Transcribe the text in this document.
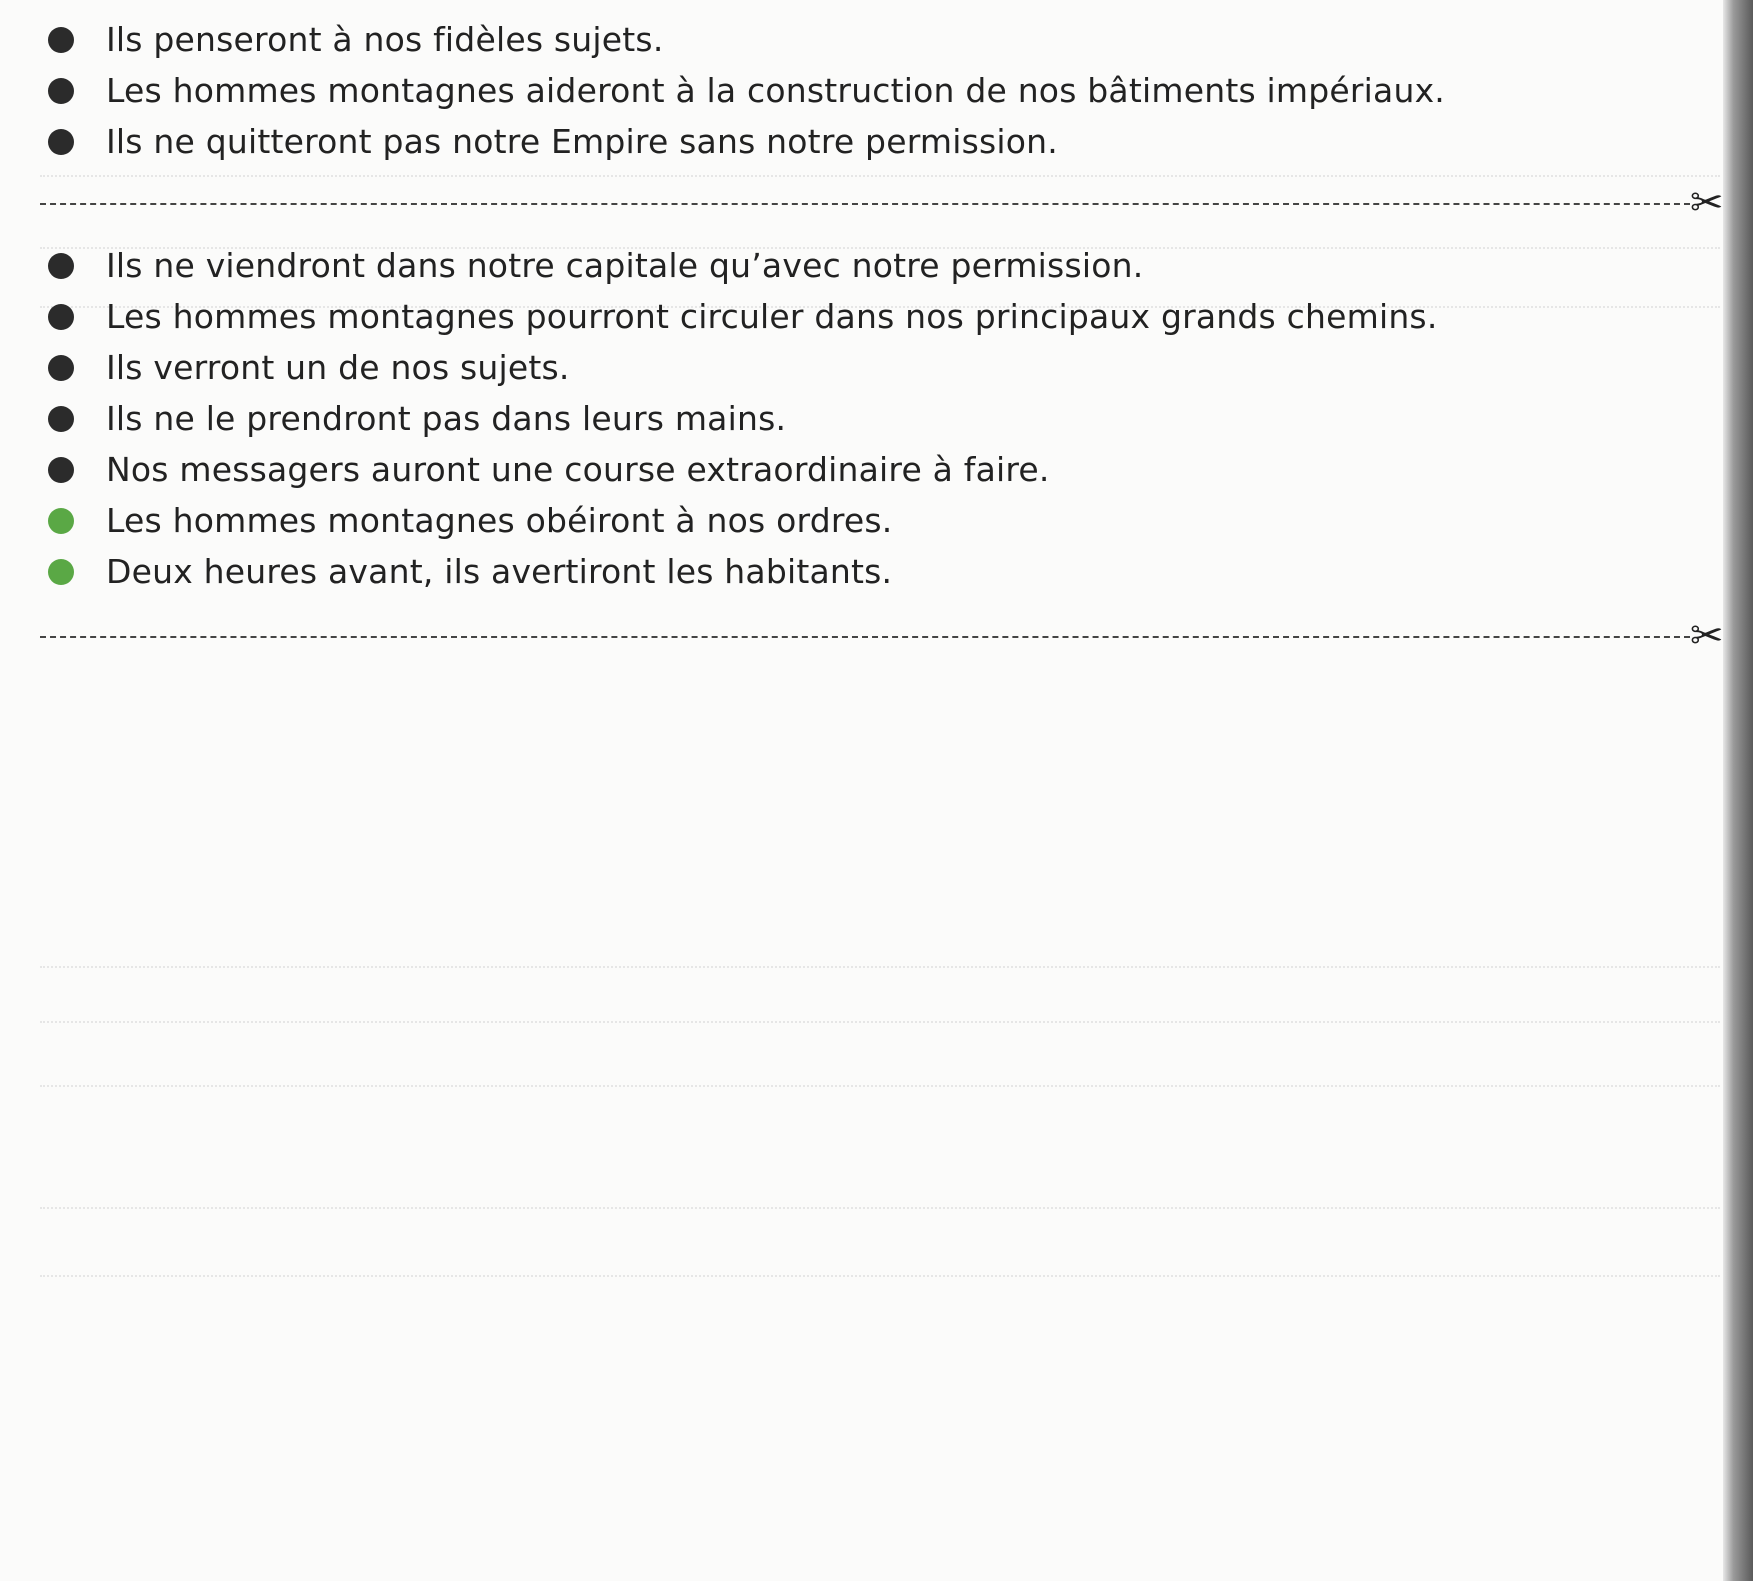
Ils penseront à nos fidèles sujets.
Les hommes montagnes aideront à la construction de nos bâtiments impériaux.
Ils ne quitteront pas notre Empire sans notre permission.
✂
Ils ne viendront dans notre capitale qu’avec notre permission.
Les hommes montagnes pourront circuler dans nos principaux grands chemins.
Ils verront un de nos sujets.
Ils ne le prendront pas dans leurs mains.
Nos messagers auront une course extraordinaire à faire.
Les hommes montagnes obéiront à nos ordres.
Deux heures avant, ils avertiront les habitants.
✂
